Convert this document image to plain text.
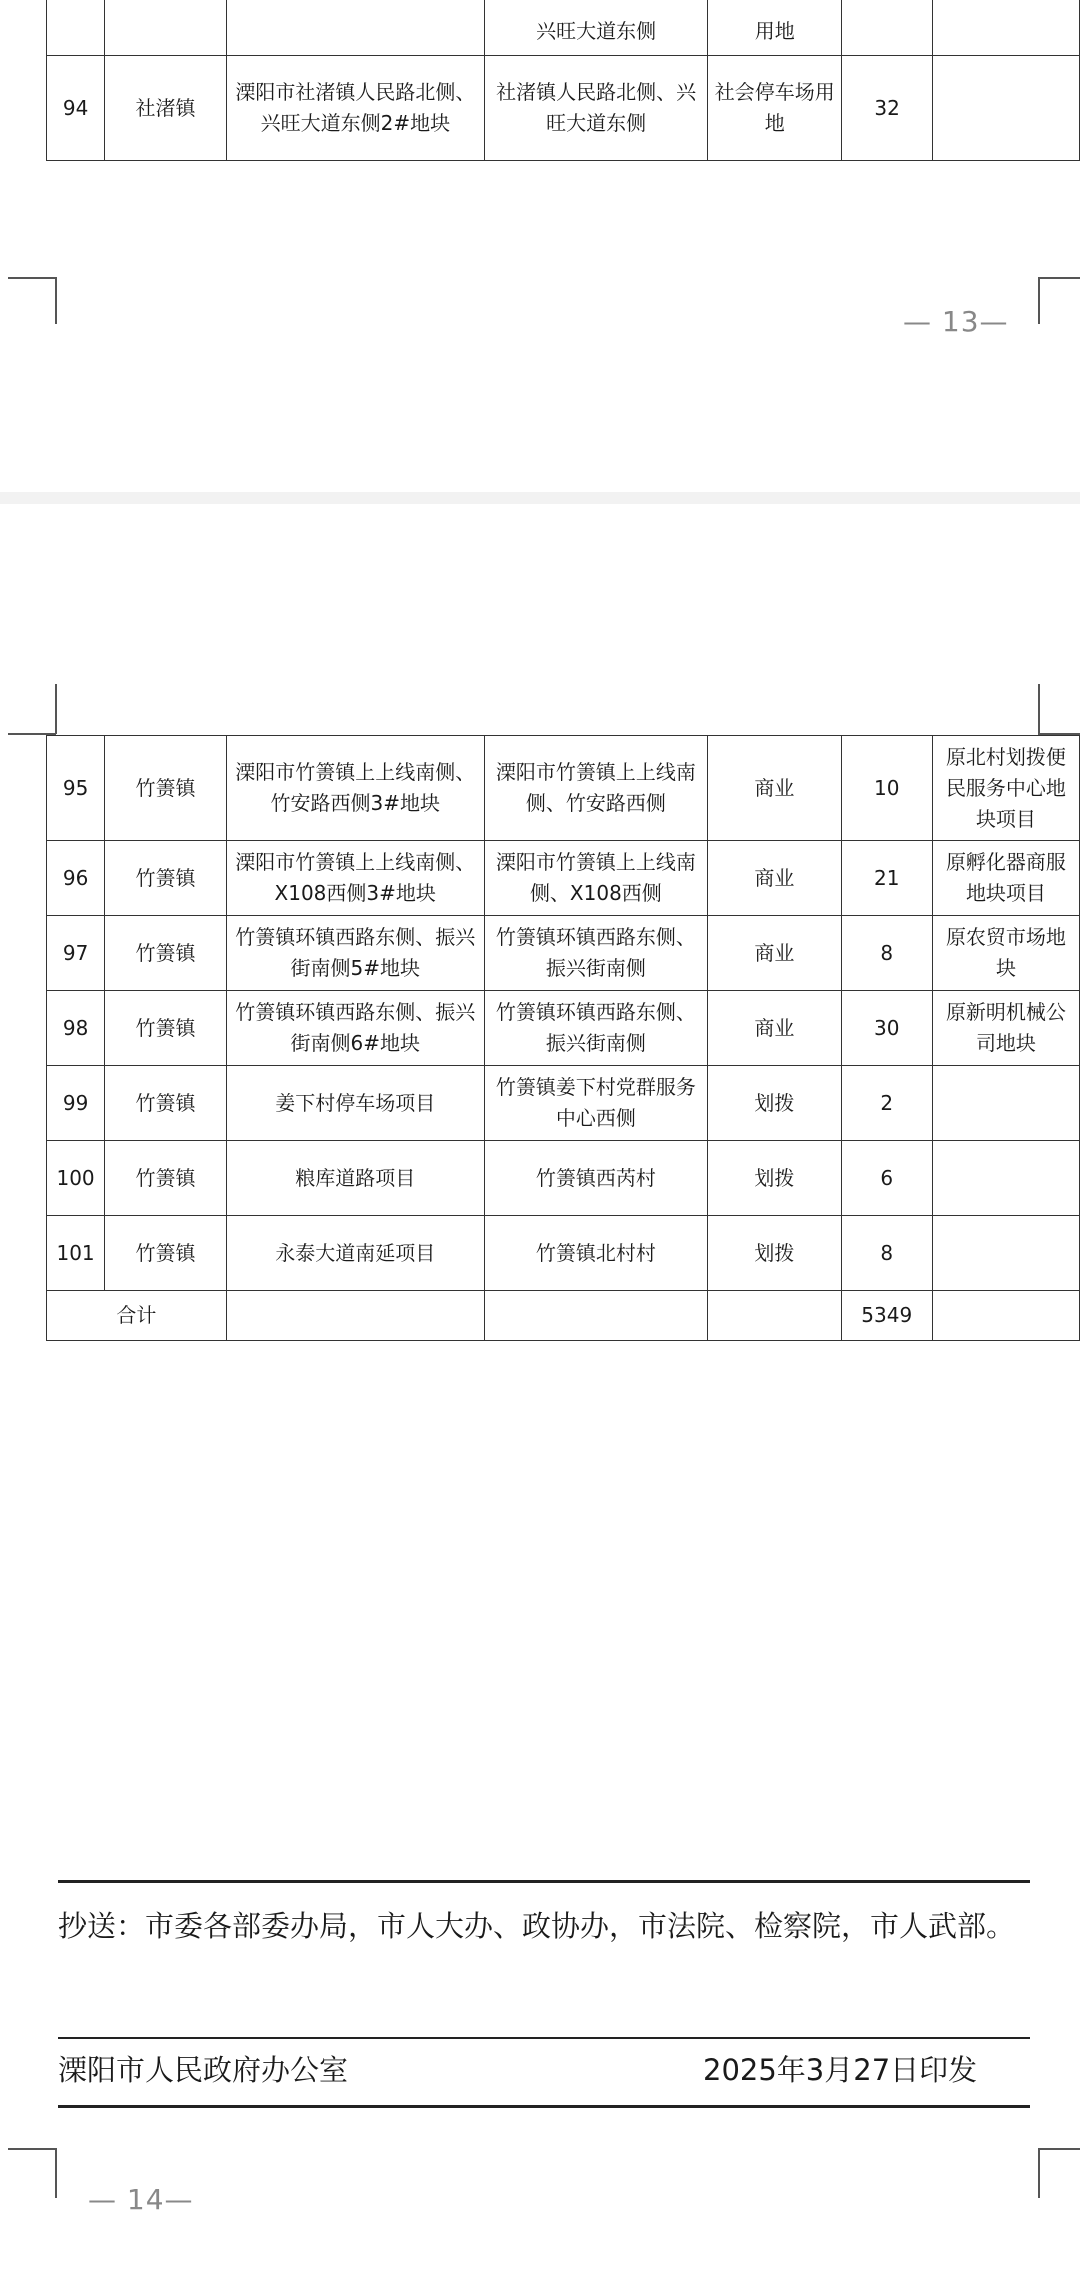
			兴旺大道东侧	用地		
94	社渚镇	溧阳市社渚镇人民路北侧、兴旺大道东侧2#地块	社渚镇人民路北侧、兴旺大道东侧	社会停车场用地	32	
— 13—
95	竹箦镇	溧阳市竹箦镇上上线南侧、竹安路西侧3#地块	溧阳市竹箦镇上上线南侧、竹安路西侧	商业	10	原北村划拨便民服务中心地块项目
96	竹箦镇	溧阳市竹箦镇上上线南侧、X108西侧3#地块	溧阳市竹箦镇上上线南侧、X108西侧	商业	21	原孵化器商服地块项目
97	竹箦镇	竹箦镇环镇西路东侧、振兴街南侧5#地块	竹箦镇环镇西路东侧、振兴街南侧	商业	8	原农贸市场地块
98	竹箦镇	竹箦镇环镇西路东侧、振兴街南侧6#地块	竹箦镇环镇西路东侧、振兴街南侧	商业	30	原新明机械公司地块
99	竹箦镇	姜下村停车场项目	竹箦镇姜下村党群服务中心西侧	划拨	2	
100	竹箦镇	粮库道路项目	竹箦镇西芮村	划拨	6	
101	竹箦镇	永泰大道南延项目	竹箦镇北村村	划拨	8	
合计					5349	
抄送：市委各部委办局，市人大办、政协办，市法院、检察院，市人武部。
溧阳市人民政府办公室	2025年3月27日印发
— 14—
